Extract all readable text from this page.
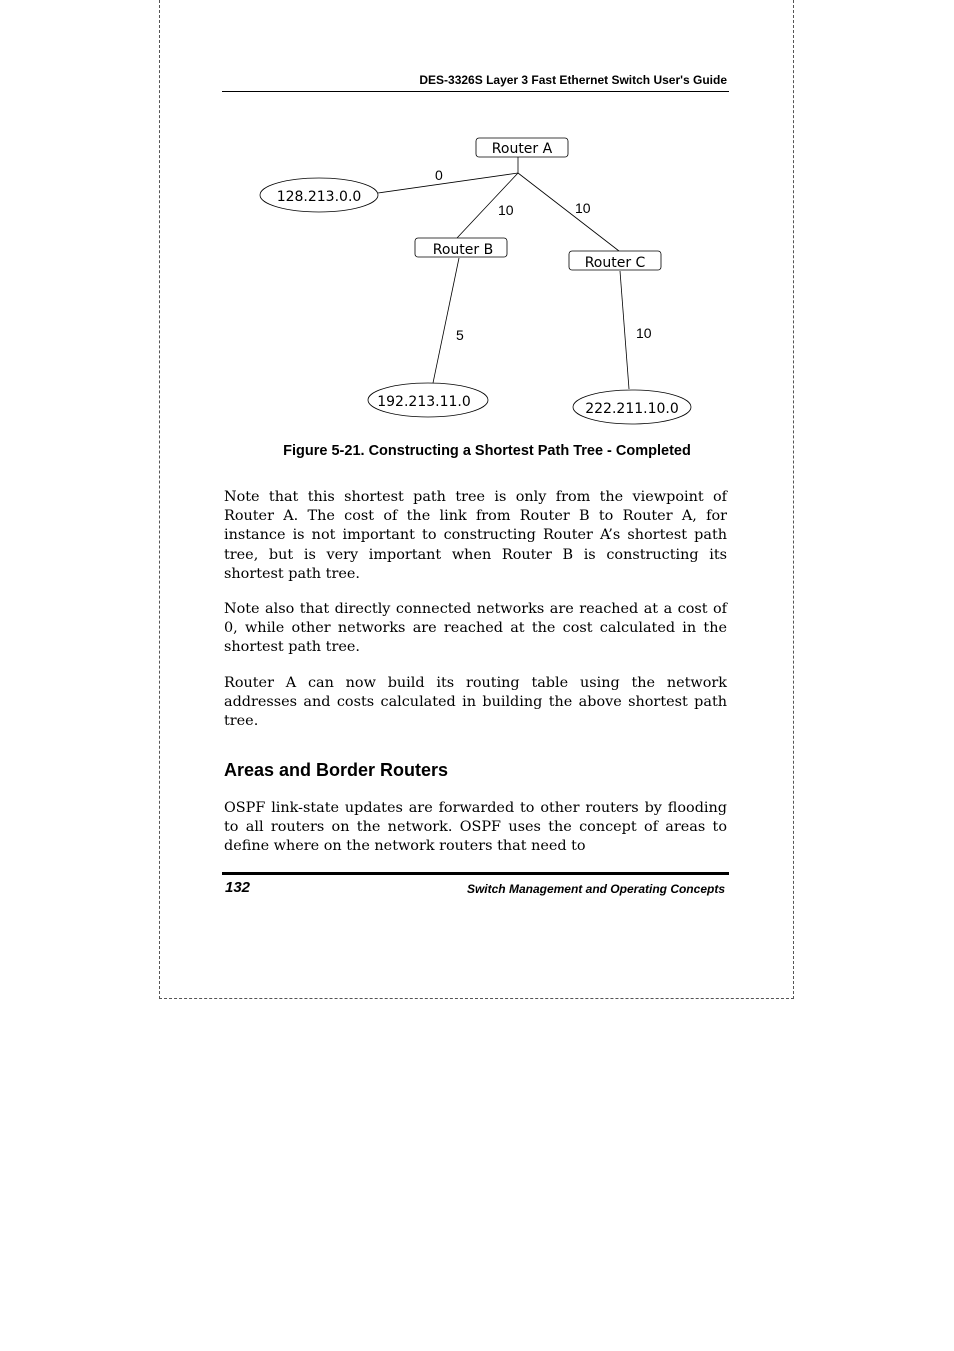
DES-3326S Layer 3 Fast Ethernet Switch User's Guide
Router A
Router B
Router C
128.213.0.0
192.213.11.0	222.211.10.0
0
10	10
5	10
Figure 5-21. Constructing a Shortest Path Tree - Completed

Note that this shortest path tree is only from the viewpoint of Router A. The cost of the link from Router B to Router A, for instance is not important to constructing Router A’s shortest path tree, but is very important when Router B is constructing its shortest path tree.

Note also that directly connected networks are reached at a cost of 0, while other networks are reached at the cost calculated in the shortest path tree.

Router A can now build its routing table using the network addresses and costs calculated in building the above shortest path tree.

Areas and Border Routers

OSPF link-state updates are forwarded to other routers by flooding to all routers on the network. OSPF uses the concept of areas to define where on the network routers that need to

132	Switch Management and Operating Concepts
